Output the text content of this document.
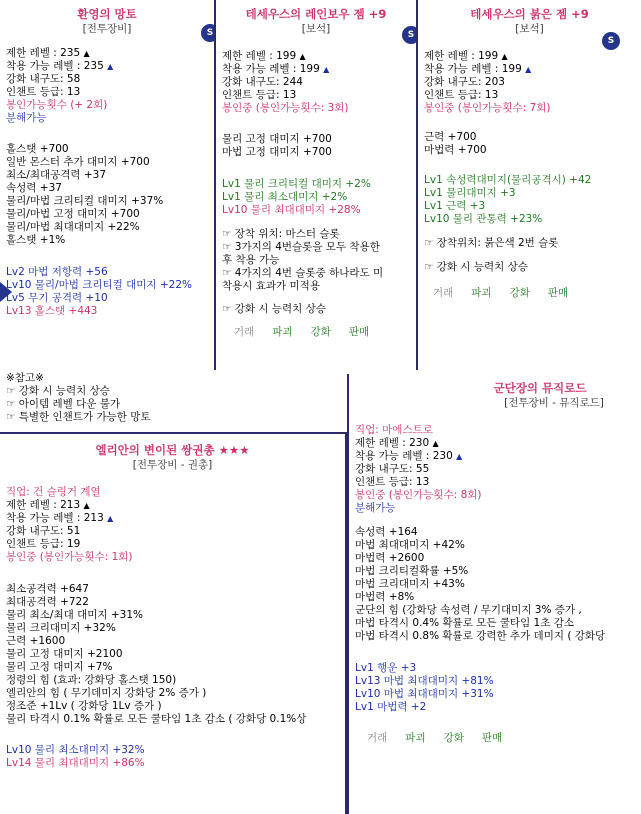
환영의 망토
[전투장비]	S
제한 레벨 : 235 ▲
착용 가능 레벨 : 235 ▲
강화 내구도: 58
인챈트 등급: 13
봉인가능횟수 (+ 2회)
분해가능
홀스탯 +700
일반 몬스터 추가 대미지 +700
최소/최대공격력 +37
속성력 +37
물리/마법 크리티컬 대미지 +37%
물리/마법 고정 대미지 +700
물리/마법 최대대미지 +22%
홀스탯 +1%
Lv2 마법 저항력 +56
Lv10 물리/마법 크리티컬 대미지 +22%
Lv5 무기 공격력 +10
Lv13 홀스탯 +443
테세우스의 레인보우 젬 +9
[보석]	S
제한 레벨 : 199 ▲
착용 가능 레벨 : 199 ▲
강화 내구도: 244
인챈트 등급: 13
봉인중 (봉인가능횟수: 3회)
물리 고정 대미지 +700
마법 고정 대미지 +700
Lv1 물리 크리티컬 대미지 +2%
Lv1 물리 최소대미지 +2%
Lv10 물리 최대대미지 +28%
☞ 장착 위치: 마스터 슬롯
☞ 3가지의 4번슬롯을 모두 착용한
후 착용 가능
☞ 4가지의 4번 슬롯중 하나라도 미
착용시 효과가 미적용
☞ 강화 시 능력치 상승
거래 파괴 강화 판매
테세우스의 붉은 젬 +9
[보석]
S
제한 레벨 : 199 ▲
착용 가능 레벨 : 199 ▲
강화 내구도: 203
인챈트 등급: 13
봉인중 (봉인가능횟수: 7회)
근력 +700
마법력 +700
Lv1 속성력대미지(물리공격시) +42
Lv1 물리대미지 +3
Lv1 근력 +3
Lv10 물리 관통력 +23%
☞ 장착위치: 붉은색 2번 슬롯
☞ 강화 시 능력치 상승
거래 파괴 강화 판매
※참고※
☞ 강화 시 능력치 상승
☞ 아이템 레벨 다운 불가
☞ 특별한 인챈트가 가능한 망토
엘리안의 변이된 쌍권총 ★★★
[전투장비 - 권총]
직업: 건 슬링거 계열
제한 레벨 : 213 ▲
착용 가능 레벨 : 213 ▲
강화 내구도: 51
인챈트 등급: 19
봉인중 (봉인가능횟수: 1회)
최소공격력 +647
최대공격력 +722
물리 최소/최대 대미지 +31%
물리 크리대미지 +32%
근력 +1600
물리 고정 대미지 +2100
물리 고정 대미지 +7%
정령의 힘 (효과: 강화당 홀스탯 150)
엘리안의 힘 ( 무기데미지 강화당 2% 증가 )
정조준 +1Lv ( 강화당 1Lv 증가 )
물리 타격시 0.1% 확률로 모든 쿨타임 1초 감소 ( 강화당 0.1%상
Lv10 물리 최소대미지 +32%
Lv14 물리 최대대미지 +86%
군단장의 뮤직로드
[전투장비 - 뮤직로드]
직업: 마에스트로
제한 레벨 : 230 ▲
착용 가능 레벨 : 230 ▲
강화 내구도: 55
인챈트 등급: 13
봉인중 (봉인가능횟수: 8회)
분해가능
속성력 +164
마법 최대대미지 +42%
마법력 +2600
마법 크리티컬확률 +5%
마법 크리대미지 +43%
마법력 +8%
군단의 힘 (강화당 속성력 / 무기대미지 3% 증가 ,
마법 타격시 0.4% 확률로 모든 쿨타임 1초 감소
마법 타격시 0.8% 확률로 강력한 추가 데미지 ( 강화당
Lv1 행운 +3
Lv13 마법 최대대미지 +81%
Lv10 마법 최대대미지 +31%
Lv1 마법력 +2
거래 파괴 강화 판매
